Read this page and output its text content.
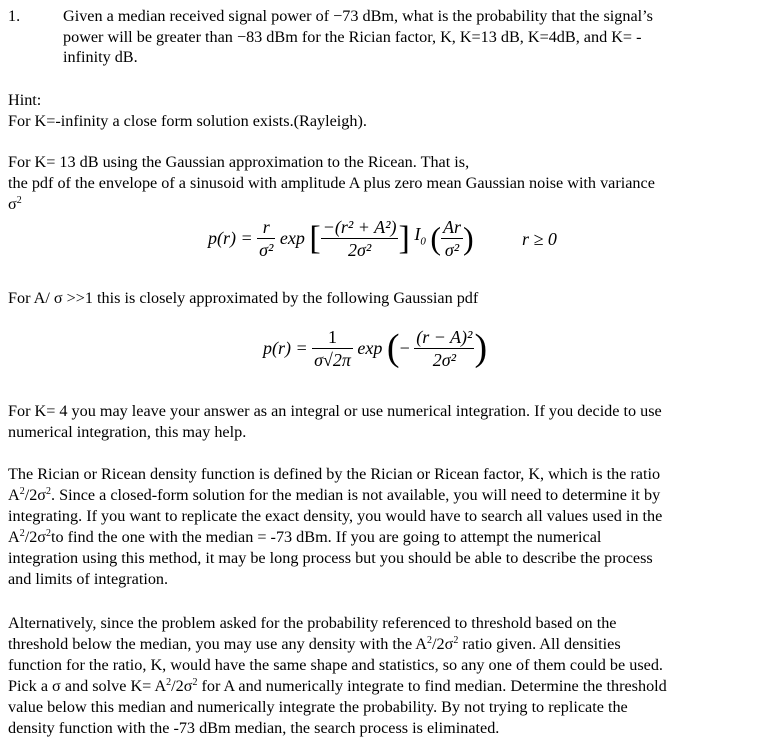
1.	Given a median received signal power of −73 dBm, what is the probability that the signal’s
power will be greater than −83 dBm for the Rician factor, K, K=13 dB, K=4dB, and K= -
infinity dB.
Hint:
For K=-infinity a close form solution exists.(Rayleigh).
For K= 13 dB using the Gaussian approximation to the Ricean. That is,
the pdf of the envelope of a sinusoid with amplitude A plus zero mean Gaussian noise with variance
$\sigma^2$
$p(r) = \frac{r}{\text{σ²}}$ exp [ $\frac{\text{−(r² + A²)}}{\text{2σ²}}$ ] $I_0$ ( $\frac{Ar}{\text{σ²}}$ )	r ≥ 0
For A/ σ >>1 this is closely approximated by the following Gaussian pdf
$p(r) = \frac{1}{\sigma√2\pi}$ exp (− $\frac{\text{(r − A)²}}{\text{2σ²}}$ )
For K= 4 you may leave your answer as an integral or use numerical integration. If you decide to use
numerical integration, this may help.
The Rician or Ricean density function is defined by the Rician or Ricean factor, K, which is the ratio
$A^2/2\sigma^2$. Since a closed-form solution for the median is not available, you will need to determine it by
integrating. If you want to replicate the exact density, you would have to search all values used in the
$A^2/2\sigma^2to$ find the one with the median = -73 dBm. If you are going to attempt the numerical
integration using this method, it may be long process but you should be able to describe the process
and limits of integration.
Alternatively, since the problem asked for the probability referenced to threshold based on the
threshold below the median, you may use any density with the $A^2/2\sigma^2$ ratio given. All densities
function for the ratio, K, would have the same shape and statistics, so any one of them could be used.
Pick a σ and solve $K= A^2/2\sigma^2$ for A and numerically integrate to find median. Determine the threshold
value below this median and numerically integrate the probability. By not trying to replicate the
density function with the -73 dBm median, the search process is eliminated.
